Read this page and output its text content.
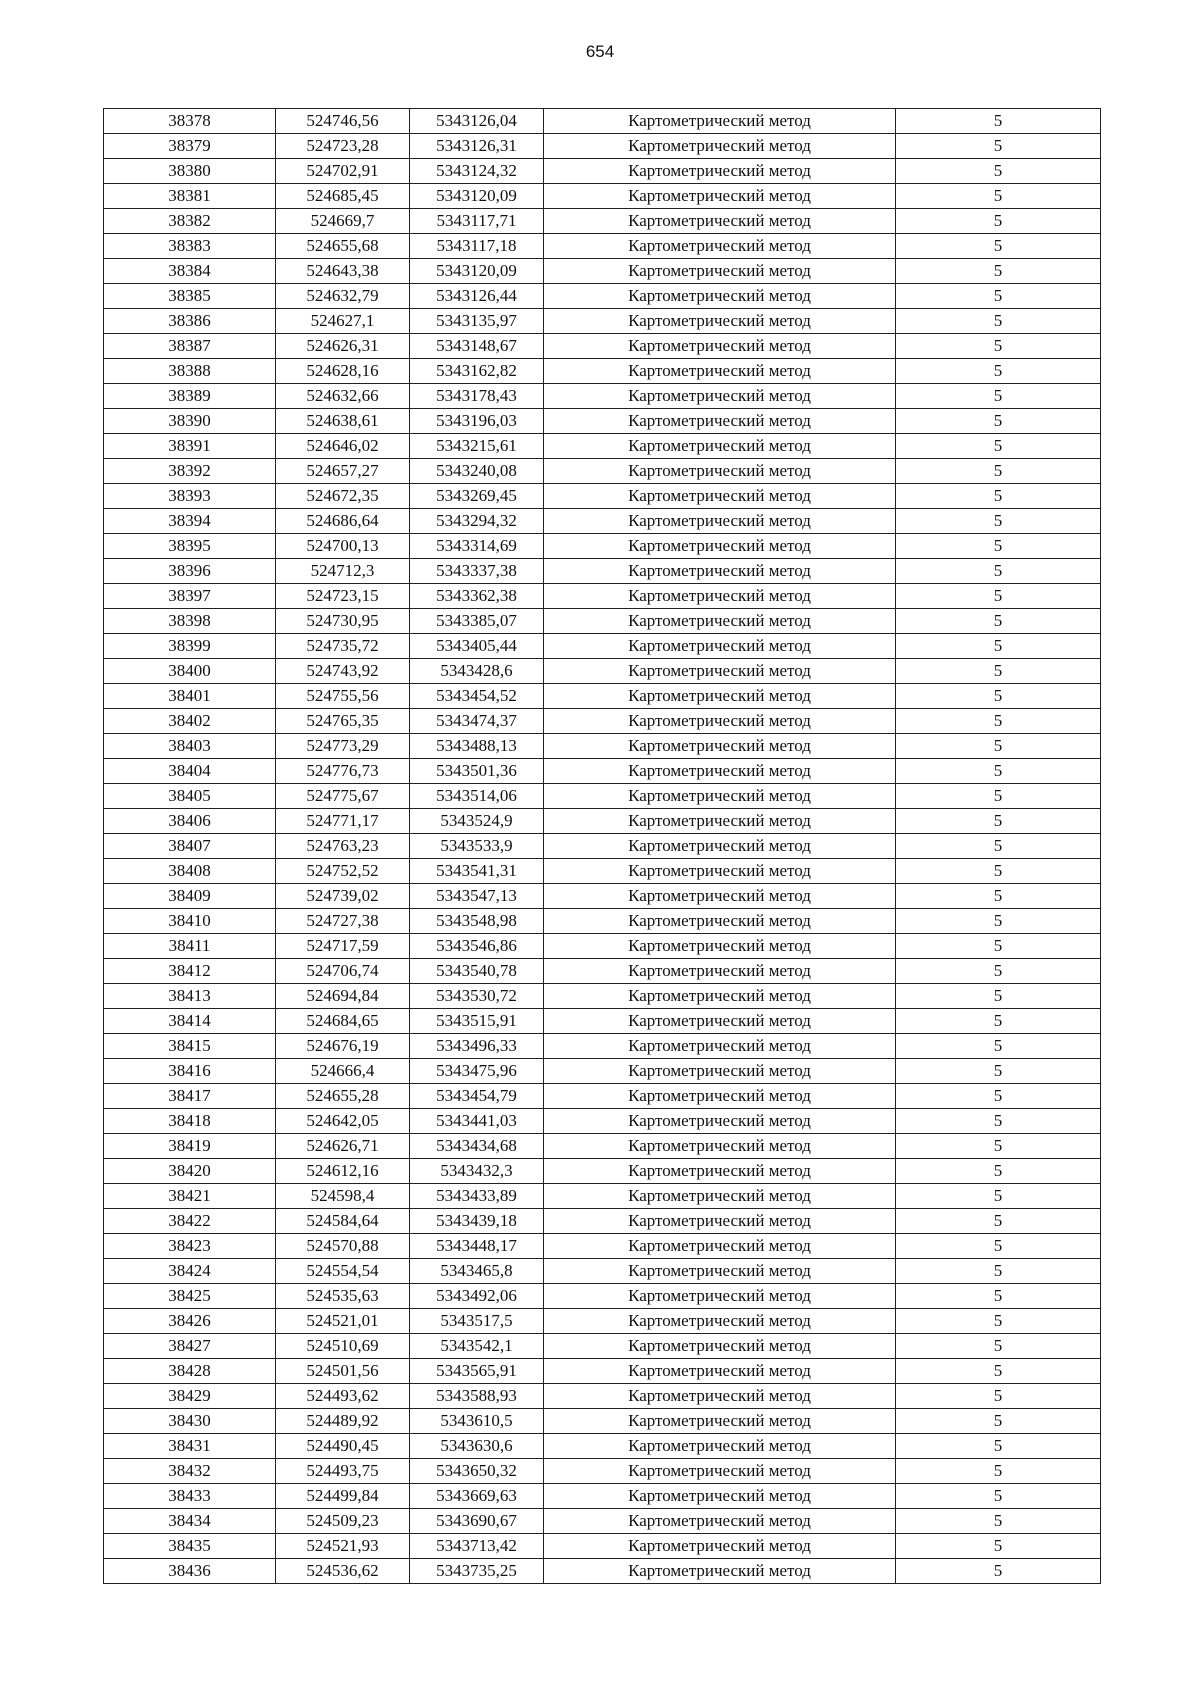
654
38378	524746,56	5343126,04	Картометрический метод	5
38379	524723,28	5343126,31	Картометрический метод	5
38380	524702,91	5343124,32	Картометрический метод	5
38381	524685,45	5343120,09	Картометрический метод	5
38382	524669,7	5343117,71	Картометрический метод	5
38383	524655,68	5343117,18	Картометрический метод	5
38384	524643,38	5343120,09	Картометрический метод	5
38385	524632,79	5343126,44	Картометрический метод	5
38386	524627,1	5343135,97	Картометрический метод	5
38387	524626,31	5343148,67	Картометрический метод	5
38388	524628,16	5343162,82	Картометрический метод	5
38389	524632,66	5343178,43	Картометрический метод	5
38390	524638,61	5343196,03	Картометрический метод	5
38391	524646,02	5343215,61	Картометрический метод	5
38392	524657,27	5343240,08	Картометрический метод	5
38393	524672,35	5343269,45	Картометрический метод	5
38394	524686,64	5343294,32	Картометрический метод	5
38395	524700,13	5343314,69	Картометрический метод	5
38396	524712,3	5343337,38	Картометрический метод	5
38397	524723,15	5343362,38	Картометрический метод	5
38398	524730,95	5343385,07	Картометрический метод	5
38399	524735,72	5343405,44	Картометрический метод	5
38400	524743,92	5343428,6	Картометрический метод	5
38401	524755,56	5343454,52	Картометрический метод	5
38402	524765,35	5343474,37	Картометрический метод	5
38403	524773,29	5343488,13	Картометрический метод	5
38404	524776,73	5343501,36	Картометрический метод	5
38405	524775,67	5343514,06	Картометрический метод	5
38406	524771,17	5343524,9	Картометрический метод	5
38407	524763,23	5343533,9	Картометрический метод	5
38408	524752,52	5343541,31	Картометрический метод	5
38409	524739,02	5343547,13	Картометрический метод	5
38410	524727,38	5343548,98	Картометрический метод	5
38411	524717,59	5343546,86	Картометрический метод	5
38412	524706,74	5343540,78	Картометрический метод	5
38413	524694,84	5343530,72	Картометрический метод	5
38414	524684,65	5343515,91	Картометрический метод	5
38415	524676,19	5343496,33	Картометрический метод	5
38416	524666,4	5343475,96	Картометрический метод	5
38417	524655,28	5343454,79	Картометрический метод	5
38418	524642,05	5343441,03	Картометрический метод	5
38419	524626,71	5343434,68	Картометрический метод	5
38420	524612,16	5343432,3	Картометрический метод	5
38421	524598,4	5343433,89	Картометрический метод	5
38422	524584,64	5343439,18	Картометрический метод	5
38423	524570,88	5343448,17	Картометрический метод	5
38424	524554,54	5343465,8	Картометрический метод	5
38425	524535,63	5343492,06	Картометрический метод	5
38426	524521,01	5343517,5	Картометрический метод	5
38427	524510,69	5343542,1	Картометрический метод	5
38428	524501,56	5343565,91	Картометрический метод	5
38429	524493,62	5343588,93	Картометрический метод	5
38430	524489,92	5343610,5	Картометрический метод	5
38431	524490,45	5343630,6	Картометрический метод	5
38432	524493,75	5343650,32	Картометрический метод	5
38433	524499,84	5343669,63	Картометрический метод	5
38434	524509,23	5343690,67	Картометрический метод	5
38435	524521,93	5343713,42	Картометрический метод	5
38436	524536,62	5343735,25	Картометрический метод	5
